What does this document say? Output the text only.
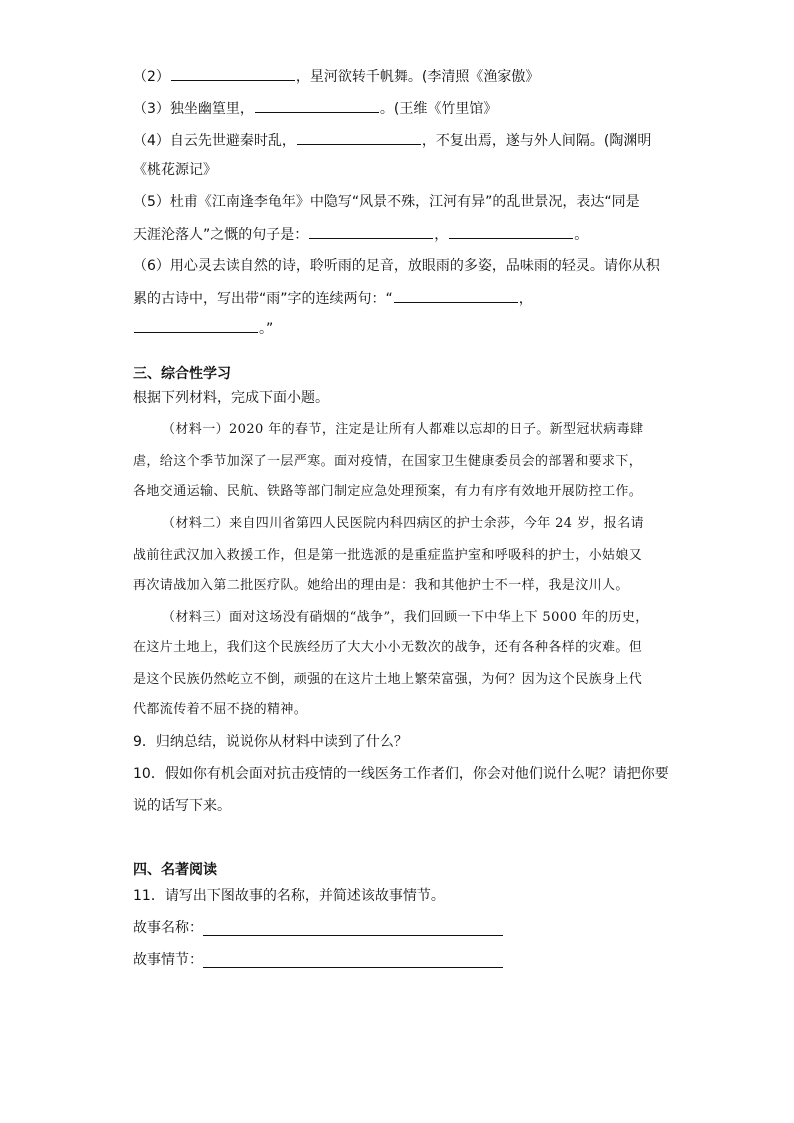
（2）	，星河欲转千帆舞。(李清照《渔家傲》
（3）独坐幽篁里，	。(王维《竹里馆》
（4）自云先世避秦时乱，	，不复出焉，遂与外人间隔。(陶渊明
《桃花源记》
（5）杜甫《江南逢李龟年》中隐写“风景不殊，江河有异”的乱世景况，表达“同是
天涯沦落人”之慨的句子是：	，	。
（6）用心灵去读自然的诗，聆听雨的足音，放眼雨的多姿，品味雨的轻灵。请你从积
累的古诗中，写出带“雨”字的连续两句：“	，
。”
三、综合性学习
根据下列材料，完成下面小题。
（材料一）2020 年的春节，注定是让所有人都难以忘却的日子。新型冠状病毒肆
虐，给这个季节加深了一层严寒。面对疫情，在国家卫生健康委员会的部署和要求下，
各地交通运输、民航、铁路等部门制定应急处理预案，有力有序有效地开展防控工作。
（材料二）来自四川省第四人民医院内科四病区的护士余莎，今年 24 岁，报名请
战前往武汉加入救援工作，但是第一批选派的是重症监护室和呼吸科的护士，小姑娘又
再次请战加入第二批医疗队。她给出的理由是：我和其他护士不一样，我是汶川人。
（材料三）面对这场没有硝烟的“战争”，我们回顾一下中华上下 5000 年的历史，
在这片土地上，我们这个民族经历了大大小小无数次的战争，还有各种各样的灾难。但
是这个民族仍然屹立不倒，顽强的在这片土地上繁荣富强，为何？因为这个民族身上代
代都流传着不屈不挠的精神。
9．归纳总结，说说你从材料中读到了什么？
10．假如你有机会面对抗击疫情的一线医务工作者们，你会对他们说什么呢？请把你要
说的话写下来。
四、名著阅读
11．请写出下图故事的名称，并简述该故事情节。
故事名称：
故事情节：
